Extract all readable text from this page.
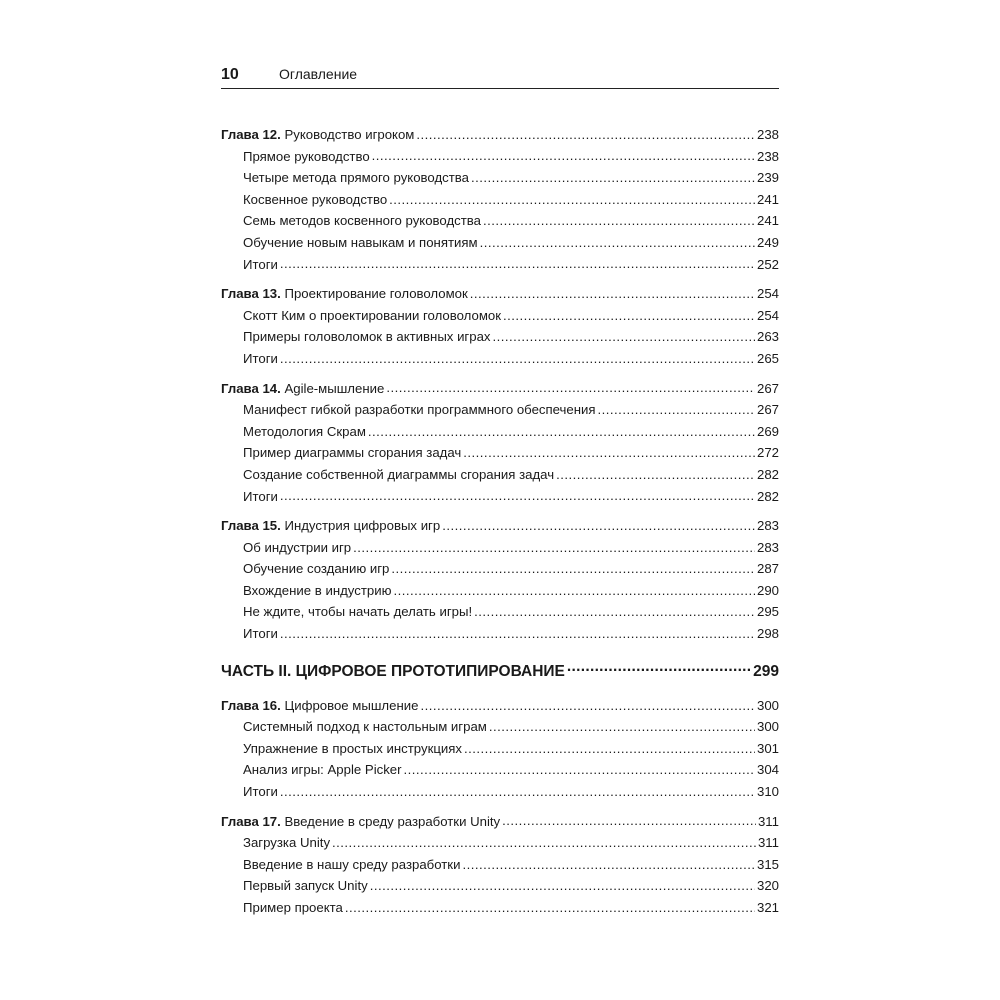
10	Оглавление
Глава 12. Руководство игроком . . .	238
Прямое руководство . . .	238
Четыре метода прямого руководства . . .	239
Косвенное руководство . . .	241
Семь методов косвенного руководства . . .	241
Обучение новым навыкам и понятиям . . .	249
Итоги . . .	252
Глава 13. Проектирование головоломок . . .	254
Скотт Ким о проектировании головоломок . . .	254
Примеры головоломок в активных играх . . .	263
Итоги . . .	265
Глава 14. Agile-мышление . . .	267
Манифест гибкой разработки программного обеспечения . . .	267
Методология Скрам . . .	269
Пример диаграммы сгорания задач . . .	272
Создание собственной диаграммы сгорания задач . . .	282
Итоги . . .	282
Глава 15. Индустрия цифровых игр . . .	283
Об индустрии игр . . .	283
Обучение созданию игр . . .	287
Вхождение в индустрию . . .	290
Не ждите, чтобы начать делать игры! . . .	295
Итоги . . .	298
ЧАСТЬ II. ЦИФРОВОЕ ПРОТОТИПИРОВАНИЕ . . .	299
Глава 16. Цифровое мышление . . .	300
Системный подход к настольным играм . . .	300
Упражнение в простых инструкциях . . .	301
Анализ игры: Apple Picker . . .	304
Итоги . . .	310
Глава 17. Введение в среду разработки Unity . . .	311
Загрузка Unity . . .	311
Введение в нашу среду разработки . . .	315
Первый запуск Unity . . .	320
Пример проекта . . .	321
